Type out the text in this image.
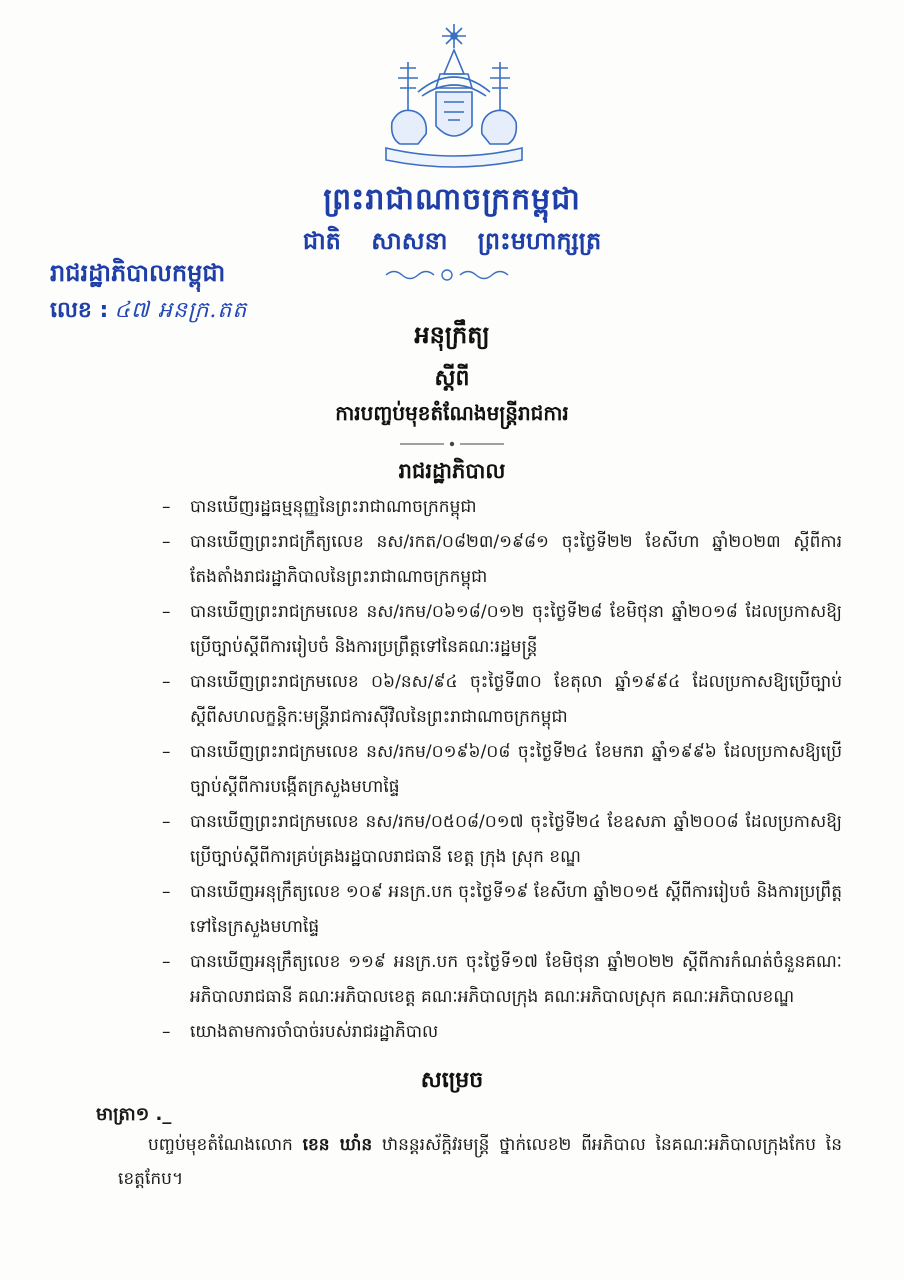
ព្រះរាជាណាចក្រកម្ពុជា
ជាតិ សាសនា ព្រះមហាក្សត្រ
រាជរដ្ឋាភិបាលកម្ពុជា
លេខ : ៤៧ អនក្រ.តត
អនុក្រឹត្យ
ស្តីពី
ការបញ្ចប់មុខតំណែងមន្ត្រីរាជការ
រាជរដ្ឋាភិបាល
– បានឃើញរដ្ឋធម្មនុញ្ញនៃព្រះរាជាណាចក្រកម្ពុជា
– បានឃើញព្រះរាជក្រឹត្យលេខ នស/រកត/០៨២៣/១៩៨១ ចុះថ្ងៃទី២២ ខែសីហា ឆ្នាំ២០២៣ ស្តីពីការតែងតាំងរាជរដ្ឋាភិបាលនៃព្រះរាជាណាចក្រកម្ពុជា
– បានឃើញព្រះរាជក្រមលេខ នស/រកម/០៦១៨/០១២ ចុះថ្ងៃទី២៨ ខែមិថុនា ឆ្នាំ២០១៨ ដែលប្រកាសឱ្យប្រើច្បាប់ស្តីពីការរៀបចំ និងការប្រព្រឹត្តទៅនៃគណៈរដ្ឋមន្ត្រី
– បានឃើញព្រះរាជក្រមលេខ ០៦/នស/៩៤ ចុះថ្ងៃទី៣០ ខែតុលា ឆ្នាំ១៩៩៤ ដែលប្រកាសឱ្យប្រើច្បាប់ស្តីពីសហលក្ខន្តិកៈមន្ត្រីរាជការស៊ីវិលនៃព្រះរាជាណាចក្រកម្ពុជា
– បានឃើញព្រះរាជក្រមលេខ នស/រកម/០១៩៦/០៨ ចុះថ្ងៃទី២៤ ខែមករា ឆ្នាំ១៩៩៦ ដែលប្រកាសឱ្យប្រើច្បាប់ស្តីពីការបង្កើតក្រសួងមហាផ្ទៃ
– បានឃើញព្រះរាជក្រមលេខ នស/រកម/០៥០៨/០១៧ ចុះថ្ងៃទី២៤ ខែឧសភា ឆ្នាំ២០០៨ ដែលប្រកាសឱ្យប្រើច្បាប់ស្តីពីការគ្រប់គ្រងរដ្ឋបាលរាជធានី ខេត្ត ក្រុង ស្រុក ខណ្ឌ
– បានឃើញអនុក្រឹត្យលេខ ១០៩ អនក្រ.បក ចុះថ្ងៃទី១៩ ខែសីហា ឆ្នាំ២០១៥ ស្តីពីការរៀបចំ និងការប្រព្រឹត្តទៅនៃក្រសួងមហាផ្ទៃ
– បានឃើញអនុក្រឹត្យលេខ ១១៩ អនក្រ.បក ចុះថ្ងៃទី១៧ ខែមិថុនា ឆ្នាំ២០២២ ស្តីពីការកំណត់ចំនួនគណៈអភិបាលរាជធានី គណៈអភិបាលខេត្ត គណៈអភិបាលក្រុង គណៈអភិបាលស្រុក គណៈអភិបាលខណ្ឌ
– យោងតាមការចាំបាច់របស់រាជរដ្ឋាភិបាល
សម្រេច
មាត្រា១ ._
បញ្ចប់មុខតំណែងលោក ខេន ឃាំន ឋានន្តរស័ក្តិវរមន្ត្រី ថ្នាក់លេខ២ ពីអភិបាល នៃគណៈអភិបាលក្រុងកែប នៃខេត្តកែប។
